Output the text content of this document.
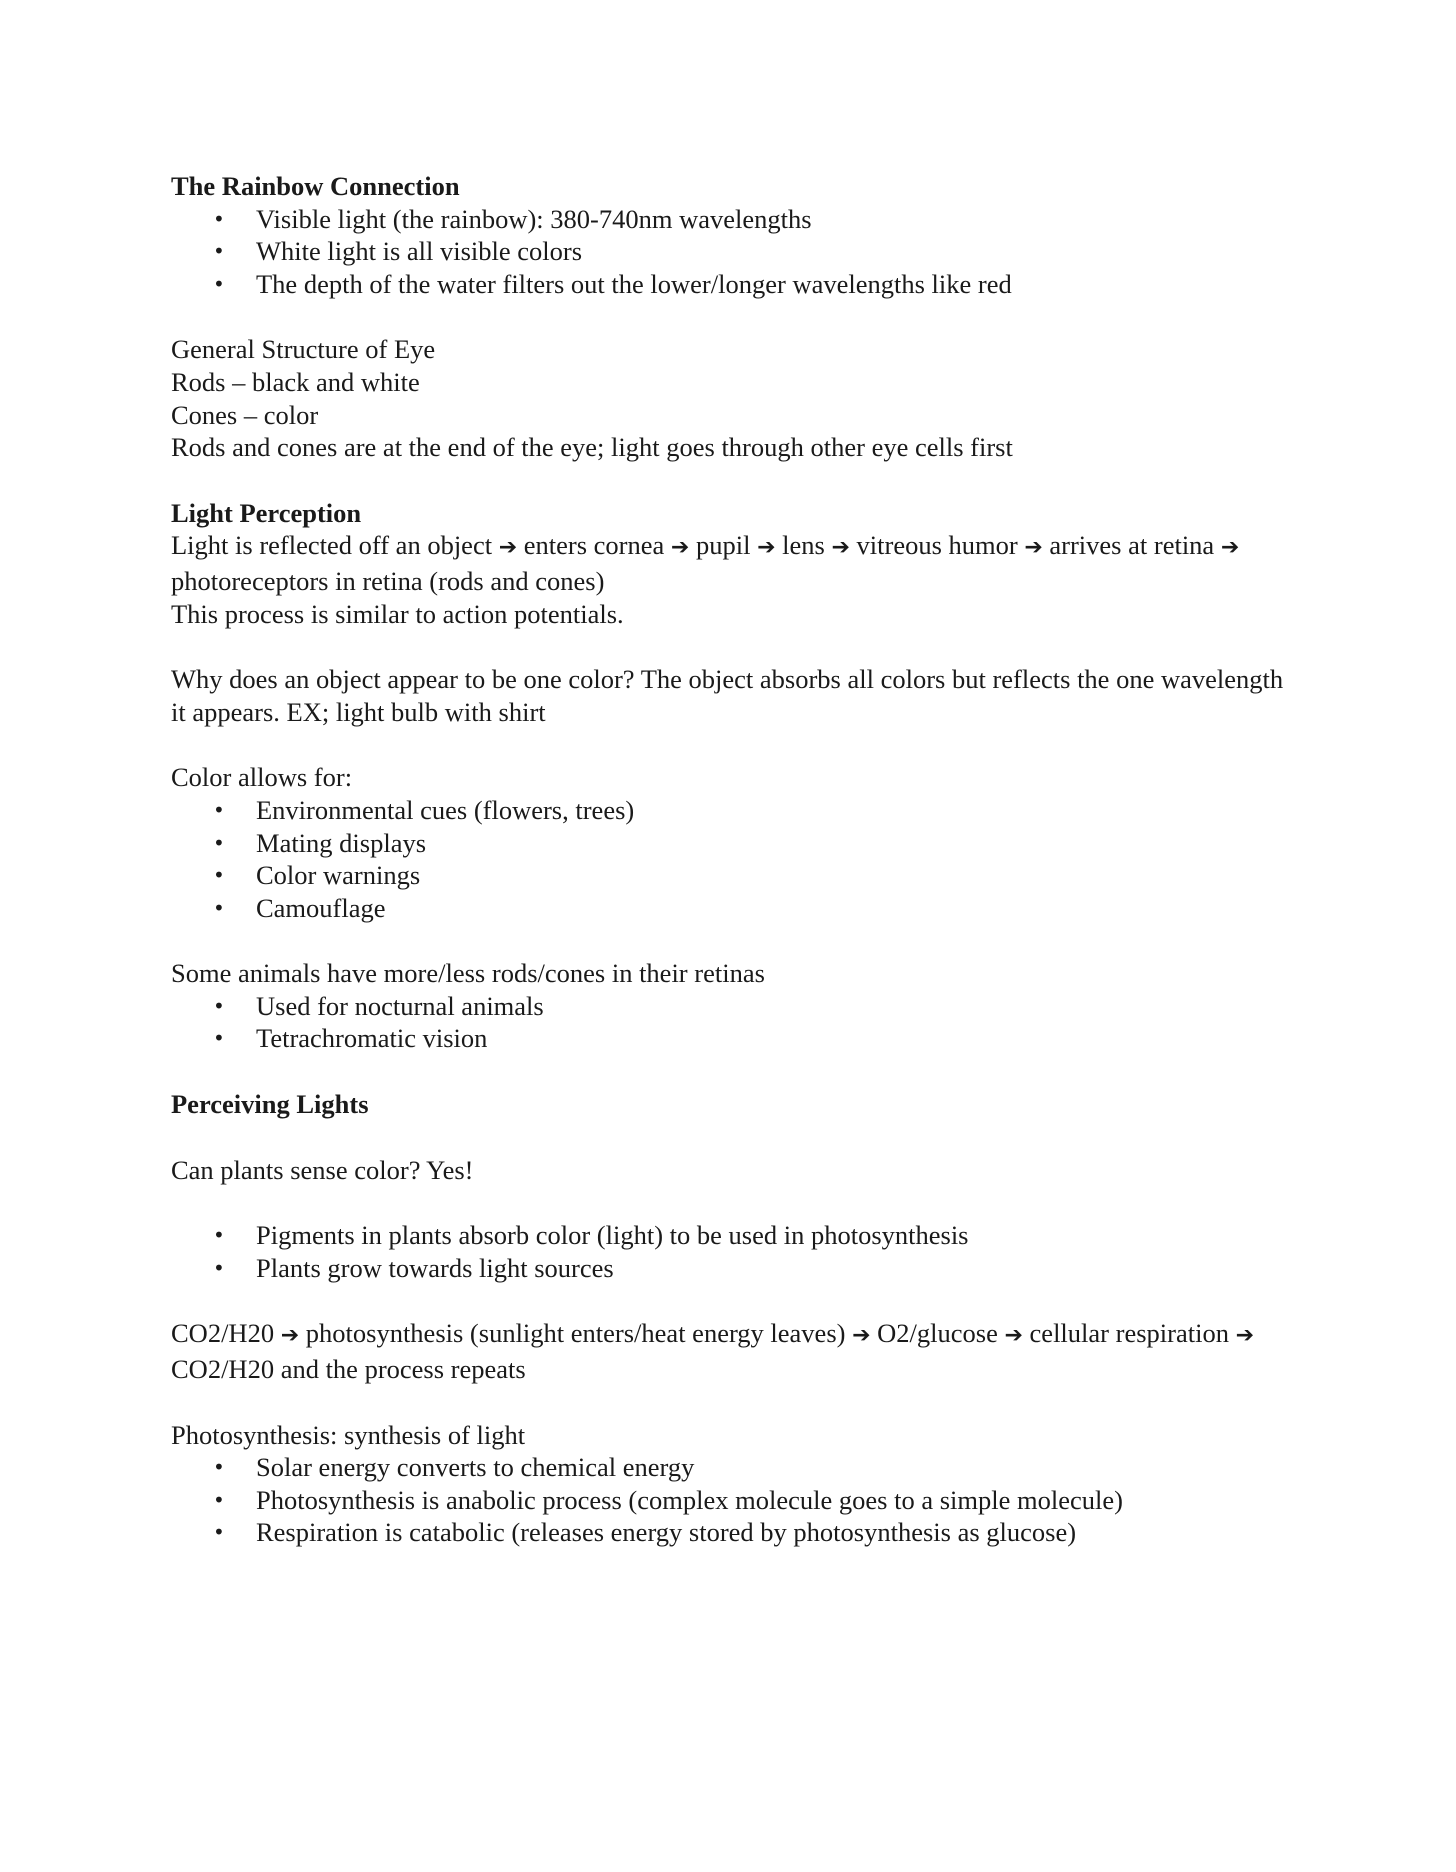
The Rainbow Connection

• Visible light (the rainbow): 380-740nm wavelengths
• White light is all visible colors
• The depth of the water filters out the lower/longer wavelengths like red

General Structure of Eye

Rods – black and white

Cones – color

Rods and cones are at the end of the eye; light goes through other eye cells first

Light Perception

Light is reflected off an object ➔ enters cornea ➔ pupil ➔ lens ➔ vitreous humor ➔ arrives at retina ➔ photoreceptors in retina (rods and cones)

This process is similar to action potentials.

Why does an object appear to be one color? The object absorbs all colors but reflects the one wavelength it appears. EX; light bulb with shirt

Color allows for:

• Environmental cues (flowers, trees)
• Mating displays
• Color warnings
• Camouflage

Some animals have more/less rods/cones in their retinas

• Used for nocturnal animals
• Tetrachromatic vision

Perceiving Lights

Can plants sense color? Yes!

• Pigments in plants absorb color (light) to be used in photosynthesis
• Plants grow towards light sources

CO2/H20 ➔ photosynthesis (sunlight enters/heat energy leaves) ➔ O2/glucose ➔ cellular respiration ➔ CO2/H20 and the process repeats

Photosynthesis: synthesis of light

• Solar energy converts to chemical energy
• Photosynthesis is anabolic process (complex molecule goes to a simple molecule)
• Respiration is catabolic (releases energy stored by photosynthesis as glucose)
